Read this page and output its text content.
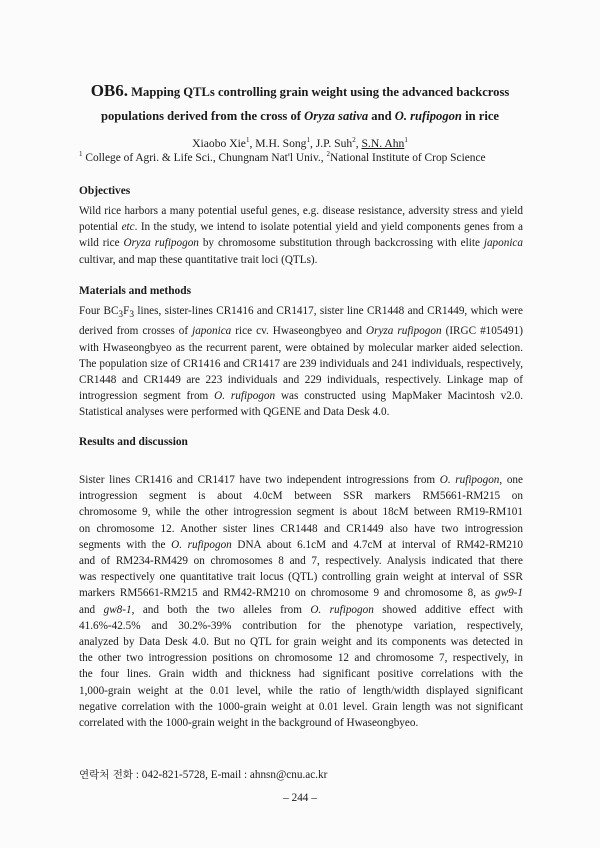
OB6. Mapping QTLs controlling grain weight using the advanced backcross
populations derived from the cross of Oryza sativa and O. rufipogon in rice
Xiaobo Xie$^1$, M.H. Song$^1$, J.P. Suh$^2$, S.N. Ahn$^1$
$^1$ College of Agri. & Life Sci., Chungnam Nat'l Univ., $^2$National Institute of Crop Science
Objectives
Wild rice harbors a many potential useful genes, e.g. disease resistance, adversity stress and yield
potential etc. In the study, we intend to isolate potential yield and yield components genes from a
wild rice Oryza rufipogon by chromosome substitution through backcrossing with elite japonica
cultivar, and map these quantitative trait loci (QTLs).
Materials and methods
Four $BC_3F_3$ lines, sister-lines CR1416 and CR1417, sister line CR1448 and CR1449, which were
derived from crosses of japonica rice cv. Hwaseongbyeo and Oryza rufipogon (IRGC #105491)
with Hwaseongbyeo as the recurrent parent, were obtained by molecular marker aided selection.
The population size of CR1416 and CR1417 are 239 individuals and 241 individuals, respectively,
CR1448 and CR1449 are 223 individuals and 229 individuals, respectively. Linkage map of
introgression segment from O. rufipogon was constructed using MapMaker Macintosh v2.0.
Statistical analyses were performed with QGENE and Data Desk 4.0.
Results and discussion
Sister lines CR1416 and CR1417 have two independent introgressions from O. rufipogon, one
introgression segment is about 4.0cM between SSR markers RM5661-RM215 on
chromosome 9, while the other introgression segment is about 18cM between RM19-RM101
on chromosome 12. Another sister lines CR1448 and CR1449 also have two introgression
segments with the O. rufipogon DNA about 6.1cM and 4.7cM at interval of RM42-RM210
and of RM234-RM429 on chromosomes 8 and 7, respectively. Analysis indicated that there
was respectively one quantitative trait locus (QTL) controlling grain weight at interval of SSR
markers RM5661-RM215 and RM42-RM210 on chromosome 9 and chromosome 8, as gw9-1
and gw8-1, and both the two alleles from O. rufipogon showed additive effect with
41.6%-42.5% and 30.2%-39% contribution for the phenotype variation, respectively,
analyzed by Data Desk 4.0. But no QTL for grain weight and its components was detected in
the other two introgression positions on chromosome 12 and chromosome 7, respectively, in
the four lines. Grain width and thickness had significant positive correlations with the
1,000-grain weight at the 0.01 level, while the ratio of length/width displayed significant
negative correlation with the 1000-grain weight at 0.01 level. Grain length was not significant
correlated with the 1000-grain weight in the background of Hwaseongbyeo.
연락처 전화 : 042-821-5728, E-mail : ahnsn@cnu.ac.kr
– 244 –
